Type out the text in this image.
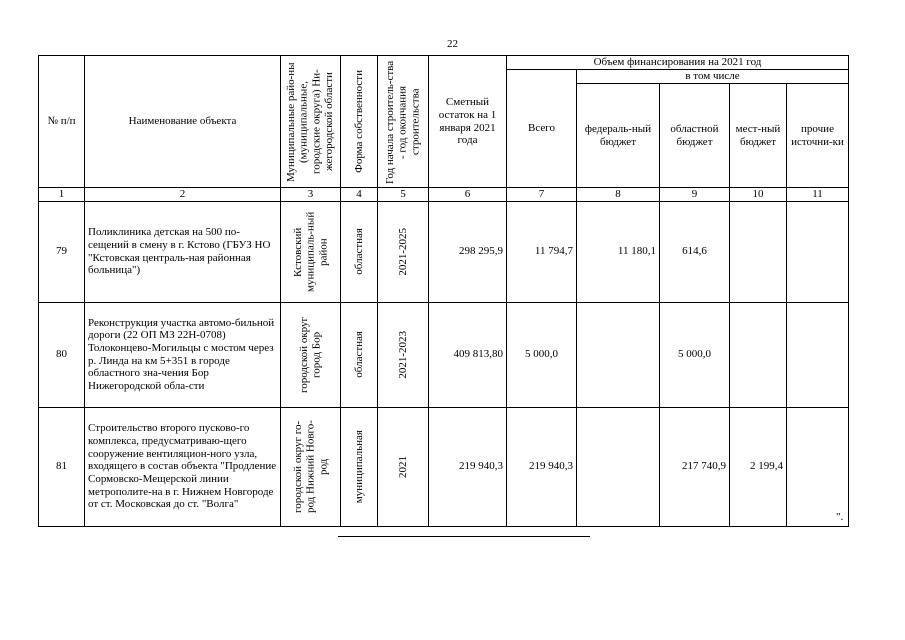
22
№ п/п	Наименование объекта	Муниципальные райо-ны (муниципальные, городские округа) Ни-жегородской области	Форма собственности	Год начала строитель-ства - год окончания строительства	Сметный остаток на 1 января 2021 года	Объем финансирования на 2021 год				
						Всего	в том числе			
							федераль-ный бюджет	областной бюджет	мест-ный бюджет	прочие источни-ки
1	2	3	4	5	6	7	8	9	10	11
79	Поликлиника детская на 500 по-сещений в смену в г. Кстово (ГБУЗ НО "Кстовская централь-ная районная больница")	Кстовский муниципаль-ный район	областная	2021-2025	298 295,9	11 794,7	11 180,1	614,6		
80	Реконструкция участка автомо-бильной дороги (22 ОП МЗ 22Н-0708) Толоконцево-Могильцы с мостом через р. Линда на км 5+351 в городе областного зна-чения Бор Нижегородской обла-сти	городской округ город Бор	областная	2021-2023	409 813,80	5 000,0		5 000,0		
81	Строительство второго пусково-го комплекса, предусматриваю-щего сооружение вентиляцион-ного узла, входящего в состав объекта "Продление Сормовско-Мещерской линии метрополите-на в г. Нижнем Новгороде от ст. Московская до ст. "Волга"	городской округ го-род Нижний Новго-род	муниципальная	2021	219 940,3	219 940,3		217 740,9	2 199,4	
".
